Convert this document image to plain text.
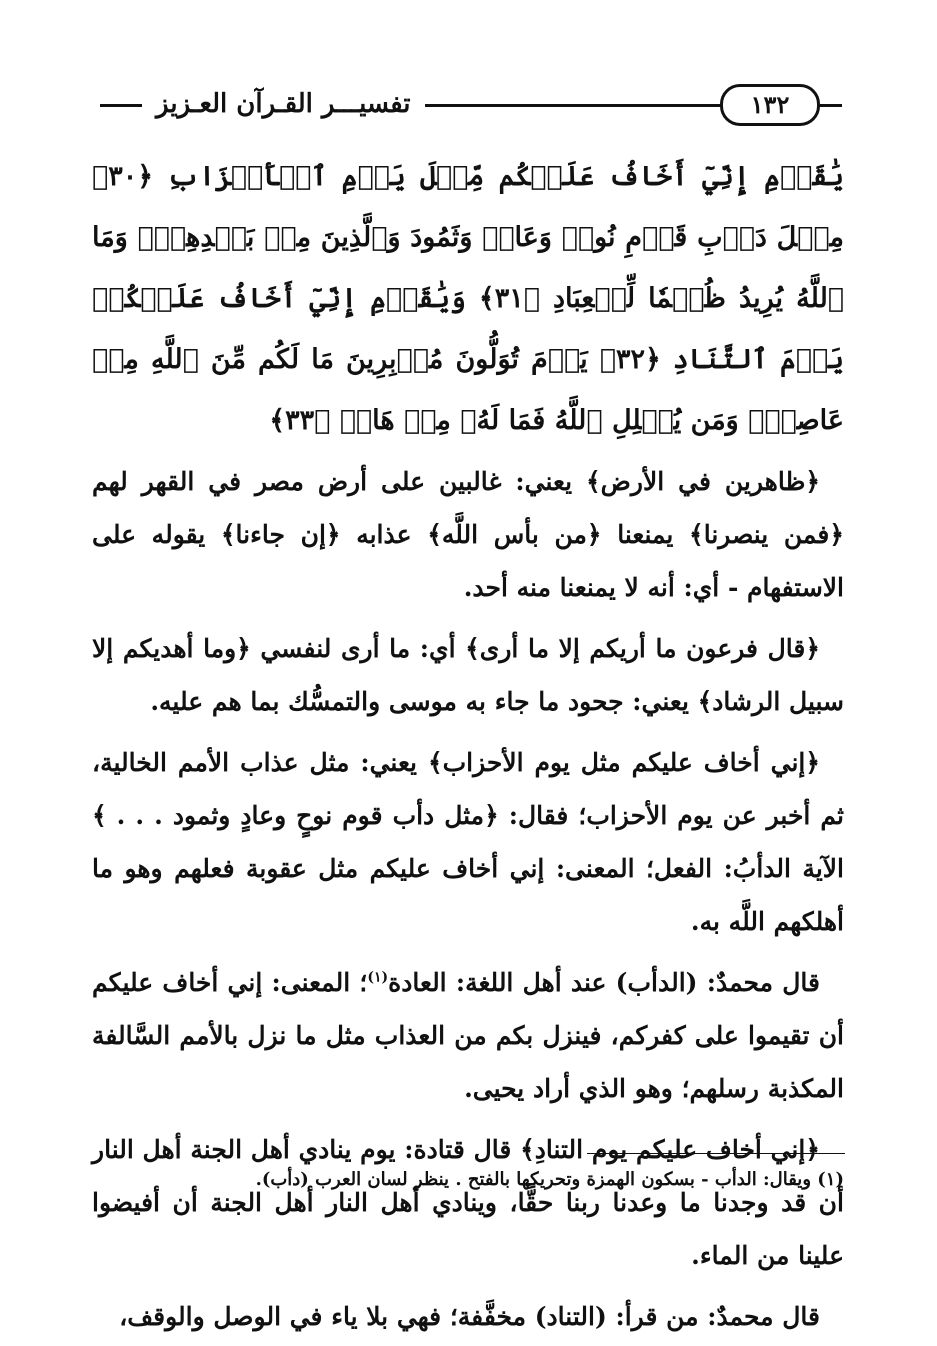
تفسيـــر القـرآن العـزيز	١٣٢

يَٰقَوۡمِ إِنِّيٓ أَخَافُ عَلَيۡكُم مِّثۡلَ يَوۡمِ ٱلۡأَحۡزَابِ ﴿٣٠﴾ مِثۡلَ دَأۡبِ قَوۡمِ نُوحٖ وَعَادٖ وَثَمُودَ وَٱلَّذِينَ مِنۢ بَعۡدِهِمۡۚ وَمَا ٱللَّهُ يُرِيدُ ظُلۡمٗا لِّلۡعِبَادِ ﴿٣١﴾ وَيَٰقَوۡمِ إِنِّيٓ أَخَافُ عَلَيۡكُمۡ يَوۡمَ ٱلتَّنَادِ ﴿٣٢﴾ يَوۡمَ تُوَلُّونَ مُدۡبِرِينَ مَا لَكُم مِّنَ ٱللَّهِ مِنۡ عَاصِمٖۗ وَمَن يُضۡلِلِ ٱللَّهُ فَمَا لَهُۥ مِنۡ هَادٖ ﴿٣٣﴾

﴿ظاهرين في الأرض﴾ يعني: غالبين على أرض مصر في القهر لهم ﴿فمن ينصرنا﴾ يمنعنا ﴿من بأس اللَّه﴾ عذابه ﴿إن جاءنا﴾ يقوله على الاستفهام - أي: أنه لا يمنعنا منه أحد.

﴿قال فرعون ما أريكم إلا ما أرى﴾ أي: ما أرى لنفسي ﴿وما أهديكم إلا سبيل الرشاد﴾ يعني: جحود ما جاء به موسى والتمسُّك بما هم عليه.

﴿إني أخاف عليكم مثل يوم الأحزاب﴾ يعني: مثل عذاب الأمم الخالية، ثم أخبر عن يوم الأحزاب؛ فقال: ﴿مثل دأب قوم نوحٍ وعادٍ وثمود . . . ﴾ الآية الدأبُ: الفعل؛ المعنى: إني أخاف عليكم مثل عقوبة فعلهم وهو ما أهلكهم اللَّه به.

قال محمدٌ: (الدأب) عند أهل اللغة: العادة$^{(١)}$؛ المعنى: إني أخاف عليكم أن تقيموا على كفركم، فينزل بكم من العذاب مثل ما نزل بالأمم السَّالفة المكذبة رسلهم؛ وهو الذي أراد يحيى.

﴿إني أخاف عليكم يوم التنادِ﴾ قال قتادة: يوم ينادي أهل الجنة أهل النار أن قد وجدنا ما وعدنا ربنا حقًّا، وينادي أهل النار أهل الجنة أن أفيضوا علينا من الماء.

قال محمدٌ: من قرأ: (التناد) مخفَّفة؛ فهي بلا ياء في الوصل والوقف،

(١) ويقال: الدأب - بسكون الهمزة وتحريكها بالفتح . ينظر لسان العرب (دأب).
